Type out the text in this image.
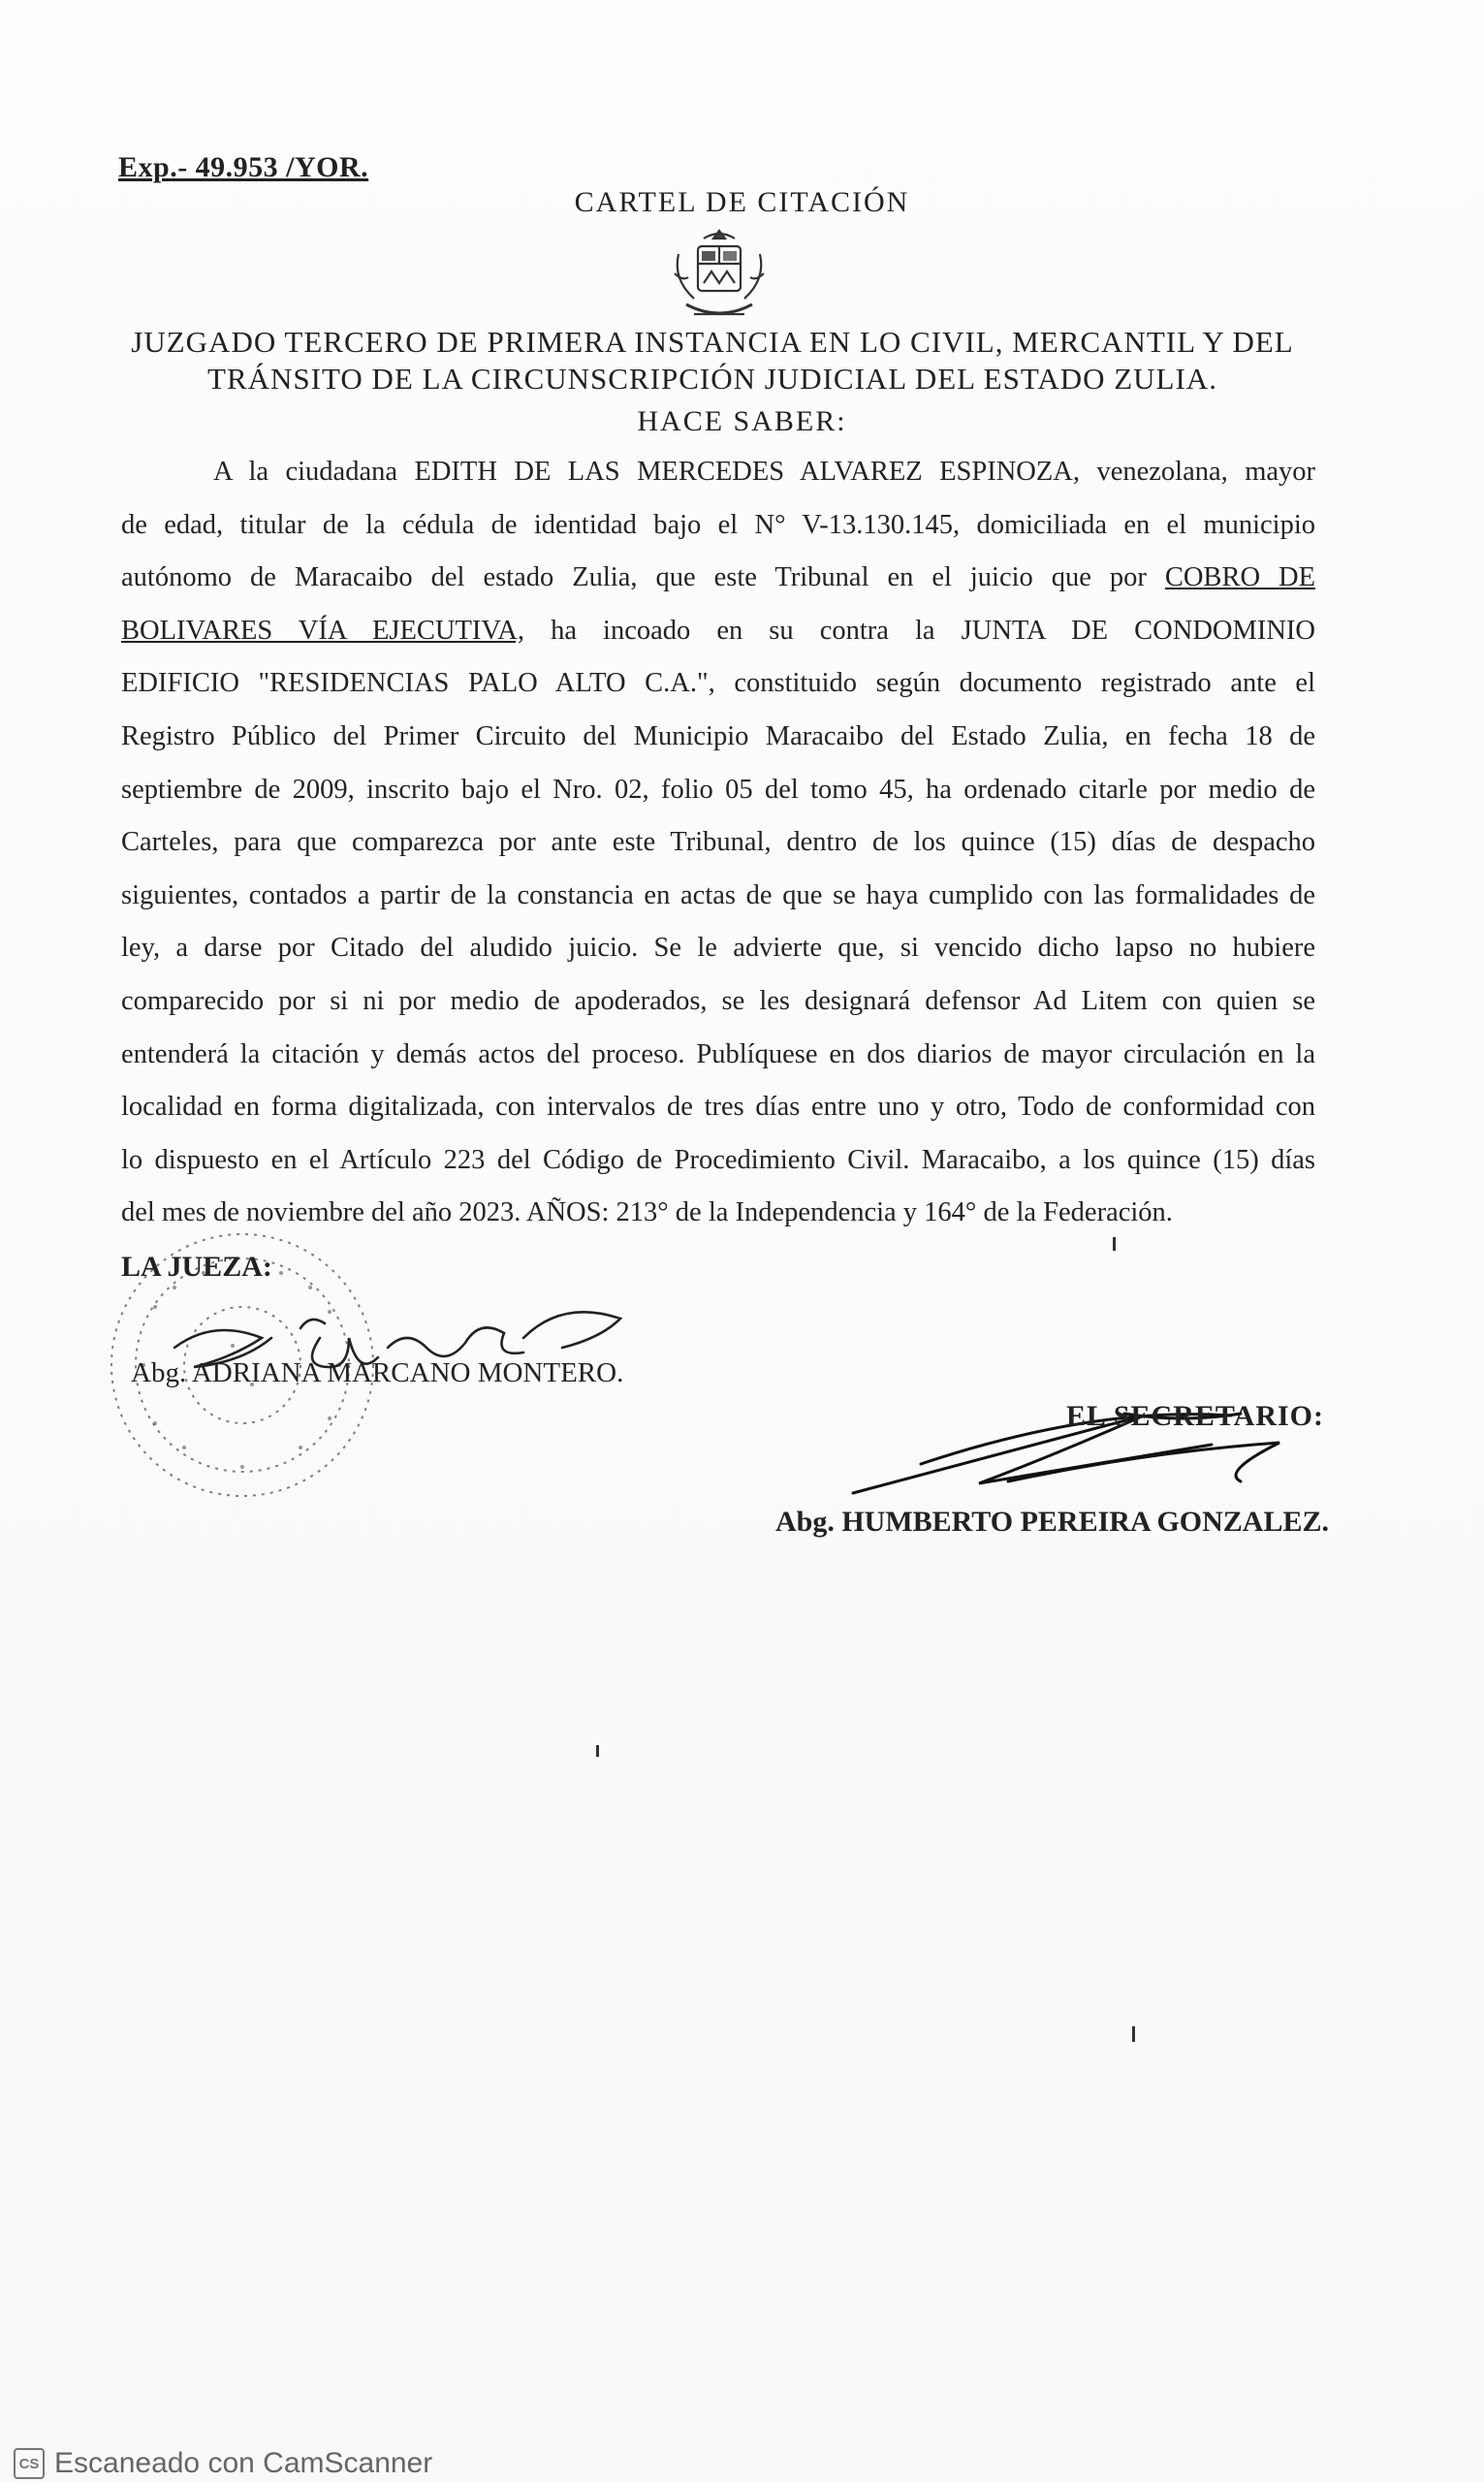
Exp.- 49.953 /YOR.
CARTEL DE CITACIÓN
JUZGADO TERCERO DE PRIMERA INSTANCIA EN LO CIVIL, MERCANTIL Y DEL
TRÁNSITO DE LA CIRCUNSCRIPCIÓN JUDICIAL DEL ESTADO ZULIA.
HACE SABER:
A la ciudadana EDITH DE LAS MERCEDES ALVAREZ ESPINOZA, venezolana, mayor
de edad, titular de la cédula de identidad bajo el N° V-13.130.145, domiciliada en el municipio
autónomo de Maracaibo del estado Zulia, que este Tribunal en el juicio que por COBRO DE
BOLIVARES VÍA EJECUTIVA, ha incoado en su contra la JUNTA DE CONDOMINIO
EDIFICIO "RESIDENCIAS PALO ALTO C.A.", constituido según documento registrado ante el
Registro Público del Primer Circuito del Municipio Maracaibo del Estado Zulia, en fecha 18 de
septiembre de 2009, inscrito bajo el Nro. 02, folio 05 del tomo 45, ha ordenado citarle por medio de
Carteles, para que comparezca por ante este Tribunal, dentro de los quince (15) días de despacho
siguientes, contados a partir de la constancia en actas de que se haya cumplido con las formalidades de
ley, a darse por Citado del aludido juicio. Se le advierte que, si vencido dicho lapso no hubiere
comparecido por si ni por medio de apoderados, se les designará defensor Ad Litem con quien se
entenderá la citación y demás actos del proceso. Publíquese en dos diarios de mayor circulación en la
localidad en forma digitalizada, con intervalos de tres días entre uno y otro, Todo de conformidad con
lo dispuesto en el Artículo 223 del Código de Procedimiento Civil. Maracaibo, a los quince (15) días
del mes de noviembre del año 2023. AÑOS: 213° de la Independencia y 164° de la Federación.
LA JUEZA:
Abg. ADRIANA MARCANO MONTERO.
EL SECRETARIO:
Abg. HUMBERTO PEREIRA GONZALEZ.
CS Escaneado con CamScanner
